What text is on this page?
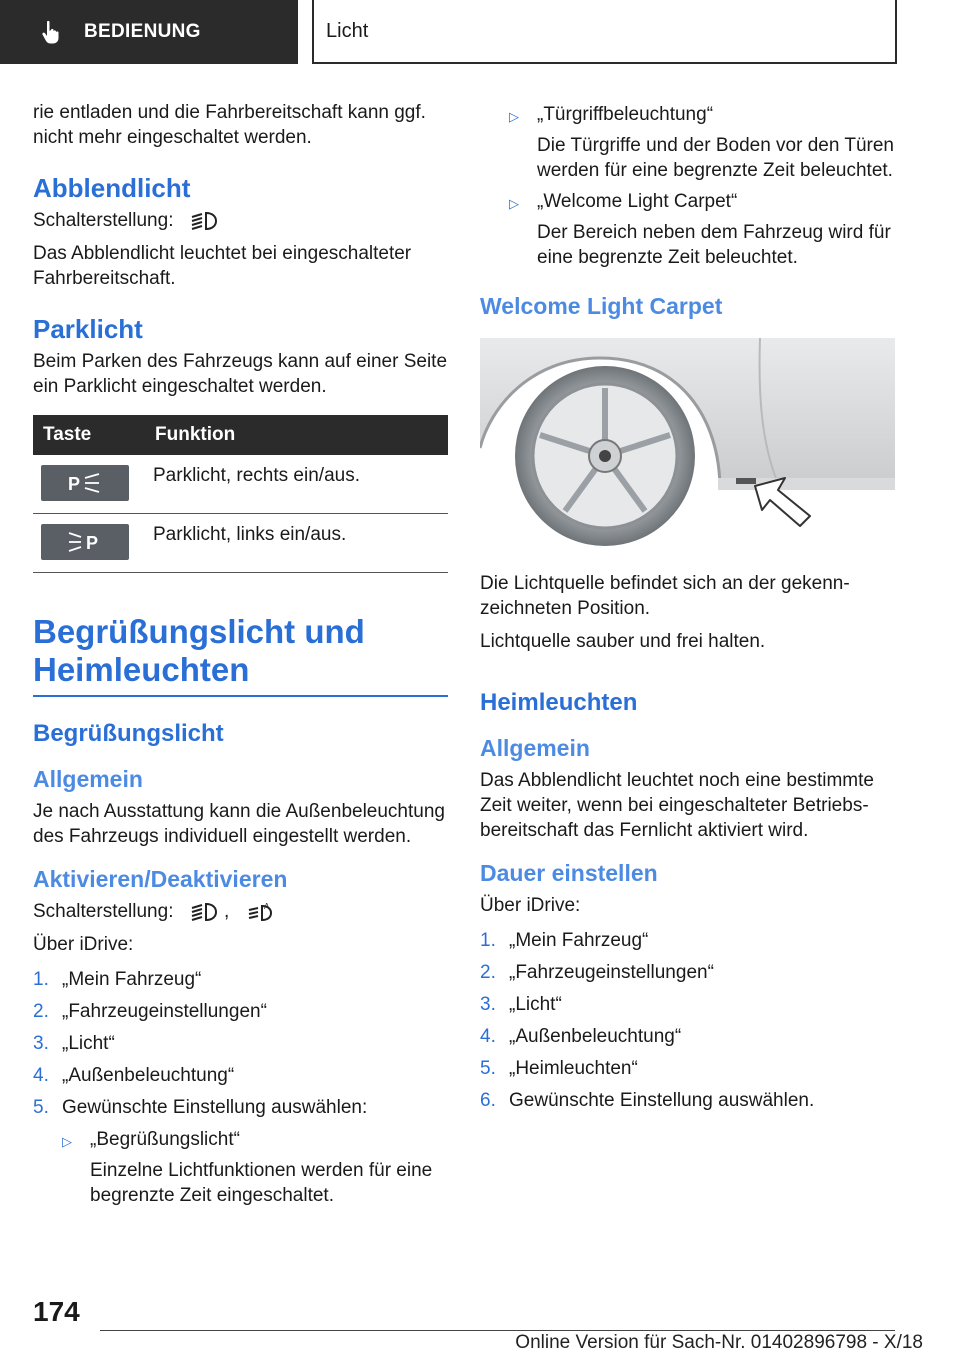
BEDIENUNG	Licht

rie entladen und die Fahrbereitschaft kann ggf. nicht mehr eingeschaltet werden.

Abblendlicht

Schalterstellung:

Das Abblendlicht leuchtet bei eingeschalteter Fahrbereitschaft.

Parklicht

Beim Parken des Fahrzeugs kann auf einer Seite ein Parklicht eingeschaltet werden.

Taste	Funktion

P	Parklicht, rechts ein/aus.

P	Parklicht, links ein/aus.
Begrüßungslicht und Heimleuchten
Begrüßungslicht
Allgemein

Je nach Ausstattung kann die Außenbeleuchtung des Fahrzeugs individuell eingestellt werden.

Aktivieren/Deaktivieren

Schalterstellung:	,	A

Über iDrive:

1. „Mein Fahrzeug“
2. „Fahrzeugeinstellungen“
3. „Licht“
4. „Außenbeleuchtung“
5. Gewünschte Einstellung auswählen:
▷ „Begrüßungslicht“
Einzelne Lichtfunktionen werden für eine begrenzte Zeit eingeschaltet.
▷ „Türgriffbeleuchtung“
Die Türgriffe und der Boden vor den Türen werden für eine begrenzte Zeit beleuchtet.
▷ „Welcome Light Carpet“
Der Bereich neben dem Fahrzeug wird für eine begrenzte Zeit beleuchtet.
Welcome Light Carpet

Die Lichtquelle befindet sich an der gekennzeichneten Position.

Lichtquelle sauber und frei halten.

Heimleuchten
Allgemein

Das Abblendlicht leuchtet noch eine bestimmte Zeit weiter, wenn bei eingeschalteter Betriebsbereitschaft das Fernlicht aktiviert wird.

Dauer einstellen

Über iDrive:

1. „Mein Fahrzeug“
2. „Fahrzeugeinstellungen“
3. „Licht“
4. „Außenbeleuchtung“
5. „Heimleuchten“
6. Gewünschte Einstellung auswählen.
174
Online Version für Sach-Nr. 01402896798 - X/18
